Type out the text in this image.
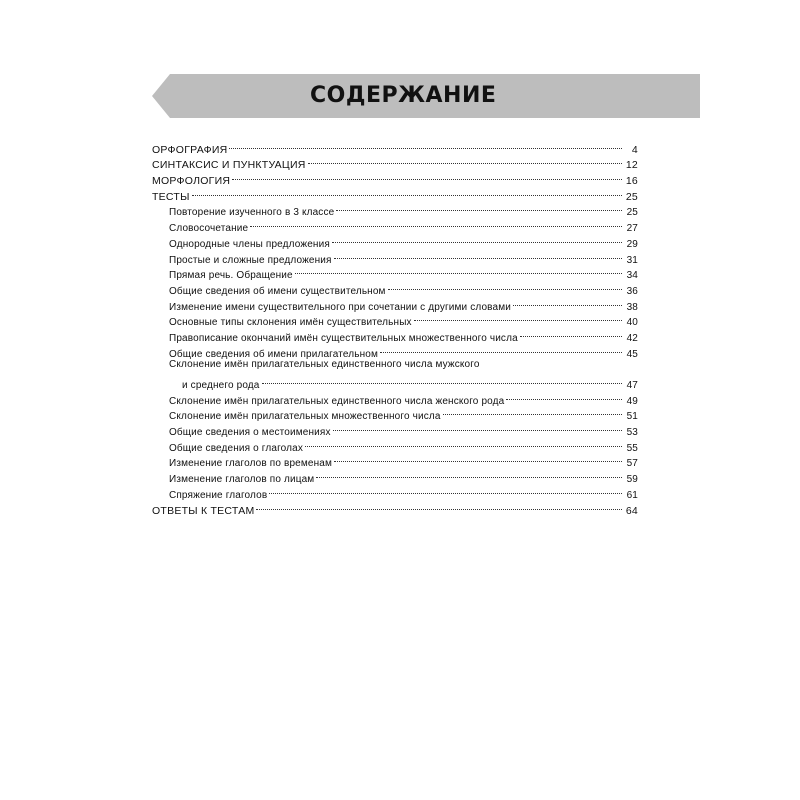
СОДЕРЖАНИЕ
ОРФОГРАФИЯ	4
СИНТАКСИС И ПУНКТУАЦИЯ	12
МОРФОЛОГИЯ	16
ТЕСТЫ	25
Повторение изученного в 3 классе	25
Словосочетание	27
Однородные члены предложения	29
Простые и сложные предложения	31
Прямая речь. Обращение	34
Общие сведения об имени существительном	36
Изменение имени существительного при сочетании с другими словами	38
Основные типы склонения имён существительных	40
Правописание окончаний имён существительных множественного числа	42
Общие сведения об имени прилагательном	45
Склонение имён прилагательных единственного числа мужского
и среднего рода	47
Склонение имён прилагательных единственного числа женского рода	49
Склонение имён прилагательных множественного числа	51
Общие сведения о местоимениях	53
Общие сведения о глаголах	55
Изменение глаголов по временам	57
Изменение глаголов по лицам	59
Спряжение глаголов	61
ОТВЕТЫ К ТЕСТАМ	64
